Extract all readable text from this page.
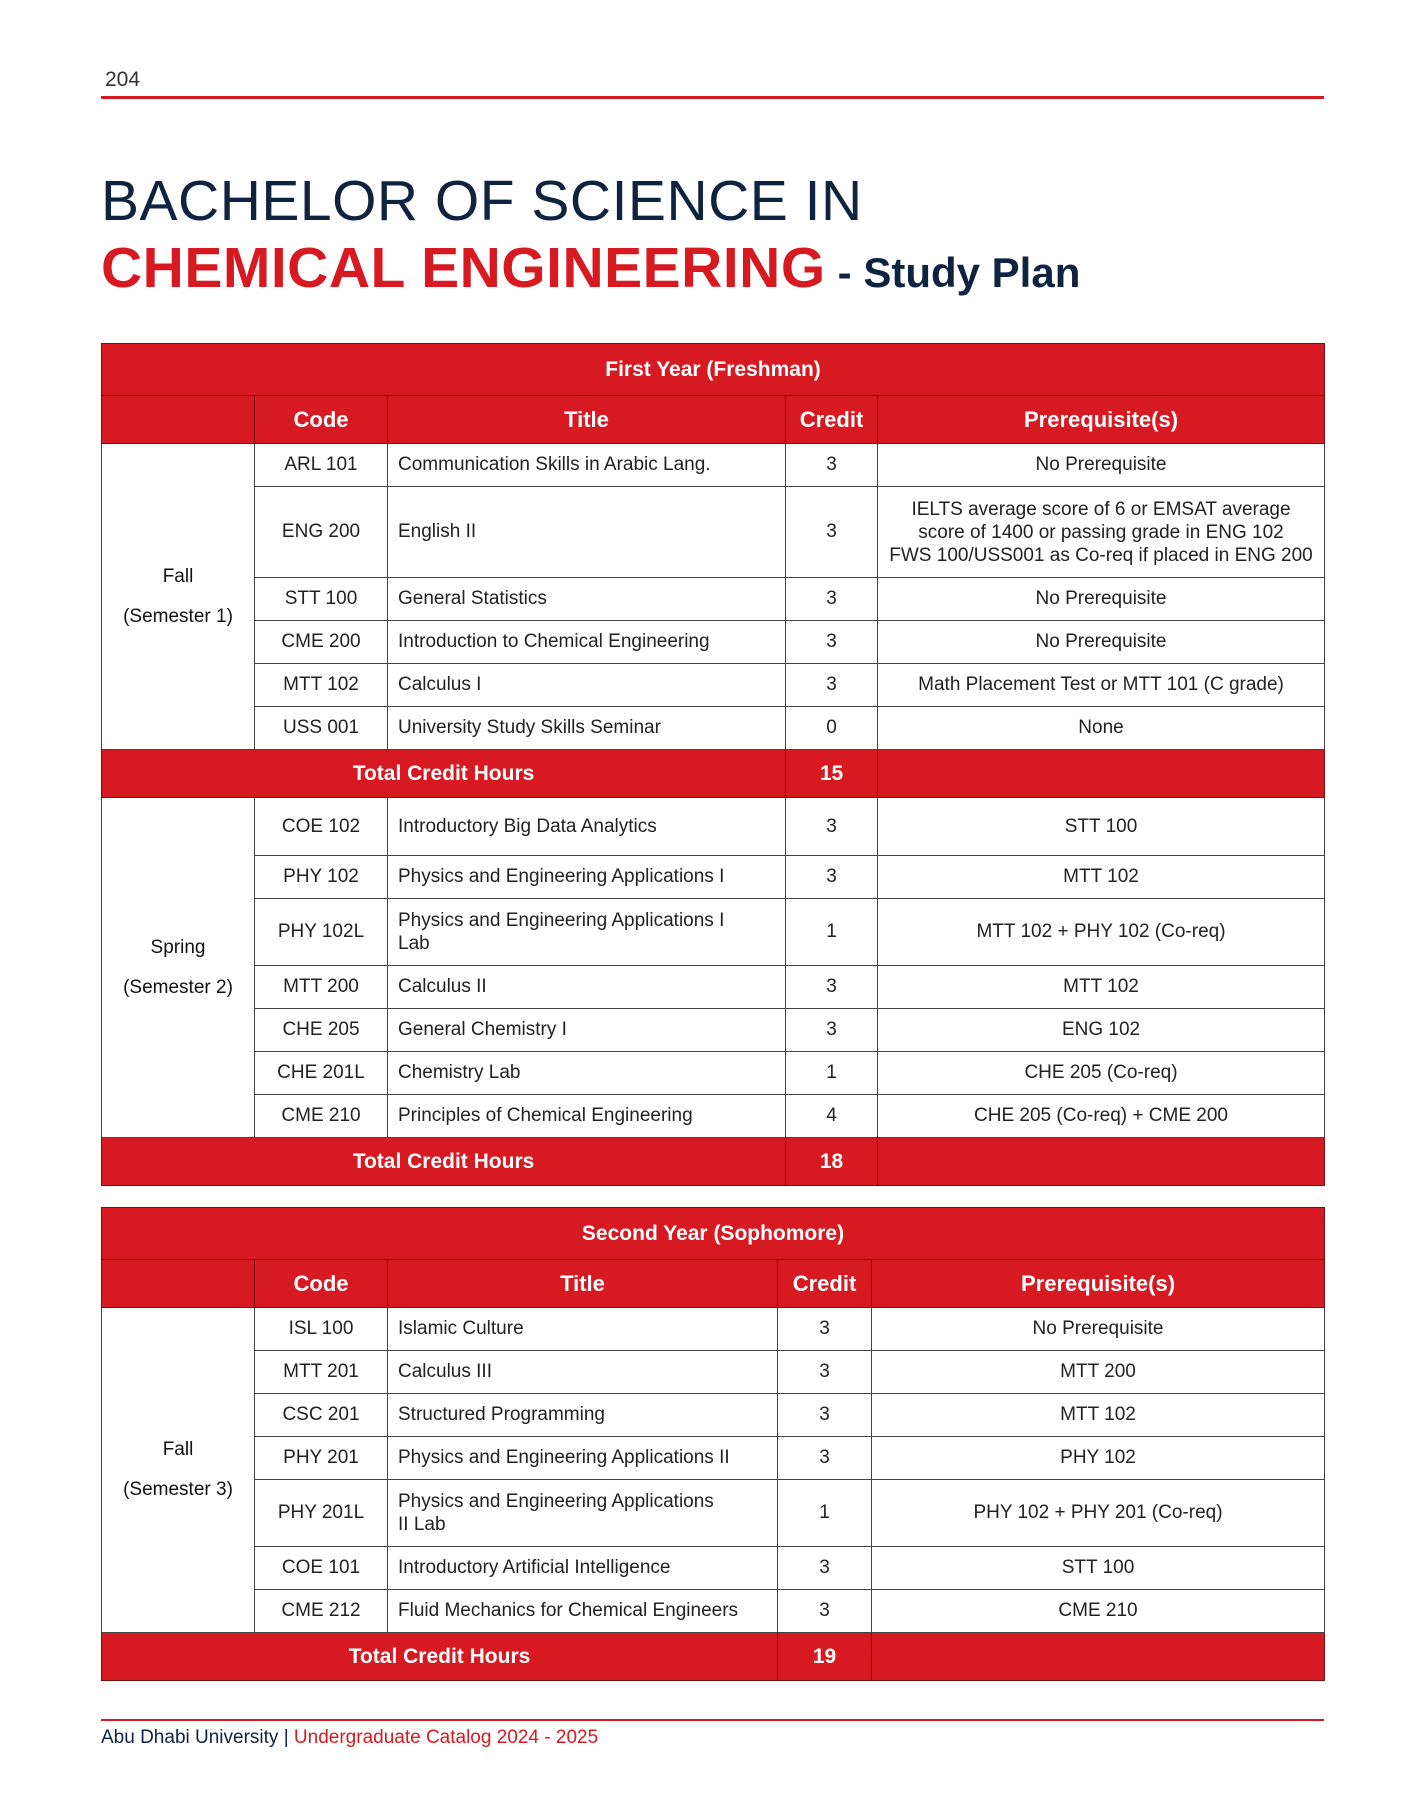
204
BACHELOR OF SCIENCE IN
CHEMICAL ENGINEERING - Study Plan
First Year (Freshman)				
	Code	Title	Credit	Prerequisite(s)

Fall
(Semester 1)	ARL 101	Communication Skills in Arabic Lang.	3	No Prerequisite
	ENG 200	English II	3	IELTS average score of 6 or EMSAT average
score of 1400 or passing grade in ENG 102
FWS 100/USS001 as Co-req if placed in ENG 200

	STT 100	General Statistics	3	No Prerequisite
	CME 200	Introduction to Chemical Engineering	3	No Prerequisite
	MTT 102	Calculus I	3	Math Placement Test or MTT 101 (C grade)
	USS 001	University Study Skills Seminar	0	None
Total Credit Hours			15	

Spring
(Semester 2)	COE 102	Introductory Big Data Analytics	3	STT 100
	PHY 102	Physics and Engineering Applications I	3	MTT 102
	PHY 102L	Physics and Engineering Applications I
Lab	1	MTT 102 + PHY 102 (Co-req)
	MTT 200	Calculus II	3	MTT 102
	CHE 205	General Chemistry I	3	ENG 102
	CHE 201L	Chemistry Lab	1	CHE 205 (Co-req)
	CME 210	Principles of Chemical Engineering	4	CHE 205 (Co-req) + CME 200
Total Credit Hours			18	
Second Year (Sophomore)				
	Code	Title	Credit	Prerequisite(s)

Fall
(Semester 3)	ISL 100	Islamic Culture	3	No Prerequisite
	MTT 201	Calculus III	3	MTT 200
	CSC 201	Structured Programming	3	MTT 102
	PHY 201	Physics and Engineering Applications II	3	PHY 102
	PHY 201L	Physics and Engineering Applications
II Lab	1	PHY 102 + PHY 201 (Co-req)
	COE 101	Introductory Artificial Intelligence	3	STT 100
	CME 212	Fluid Mechanics for Chemical Engineers	3	CME 210
Total Credit Hours			19	
Abu Dhabi University | Undergraduate Catalog 2024 - 2025
